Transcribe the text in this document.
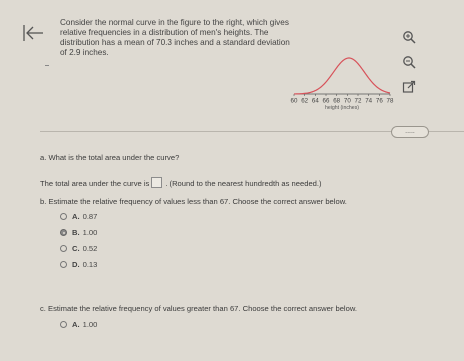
Consider the normal curve in the figure to the right, which gives relative frequencies in a distribution of men's heights. The distribution has a mean of 70.3 inches and a standard deviation of 2.9 inches.
60 62 64 66 68 70 72 74 76 78
height (inches)
.....
a. What is the total area under the curve?
The total area under the curve is . (Round to the nearest hundredth as needed.)
b. Estimate the relative frequency of values less than 67. Choose the correct answer below.
A. 0.87
B. 1.00
C. 0.52
D. 0.13
c. Estimate the relative frequency of values greater than 67. Choose the correct answer below.
A. 1.00
